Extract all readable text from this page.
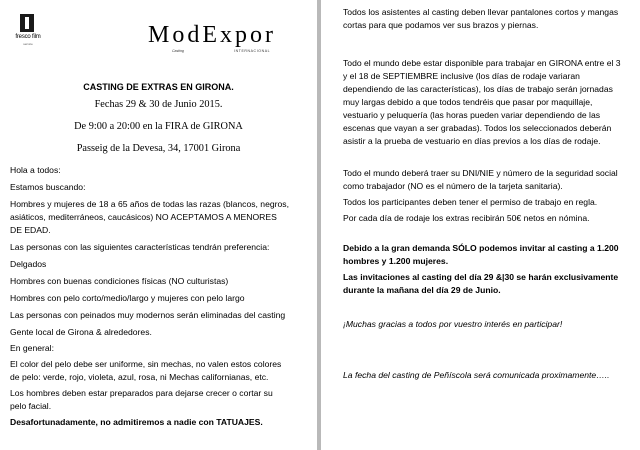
fresco film
service	ModExpor
Casting	INTERNACIONAL
CASTING DE EXTRAS EN GIRONA.
Fechas 29 & 30 de Junio 2015.
De 9:00 a 20:00 en la FIRA de GIRONA
Passeig de la Devesa, 34, 17001 Girona
Hola a todos:
Estamos buscando:
Hombres y mujeres de 18 a 65 años de todas las razas (blancos, negros,
asiáticos, mediterráneos, caucásicos) NO ACEPTAMOS A MENORES
DE EDAD.
Las personas con las siguientes características tendrán preferencia:
Delgados
Hombres con buenas condiciones físicas (NO culturistas)
Hombres con pelo corto/medio/largo y mujeres con pelo largo
Las personas con peinados muy modernos serán eliminadas del casting
Gente local de Girona & alrededores.
En general:
El color del pelo debe ser uniforme, sin mechas, no valen estos colores
de pelo: verde, rojo, violeta, azul, rosa, ni Mechas californianas, etc.
Los hombres deben estar preparados para dejarse crecer o cortar su
pelo facial.
Desafortunadamente, no admitiremos a nadie con TATUAJES.
Todos los asistentes al casting deben llevar pantalones cortos y mangas
cortas para que podamos ver sus brazos y piernas.
Todo el mundo debe estar disponible para trabajar en GIRONA entre el 3
y el 18 de SEPTIEMBRE inclusive (los días de rodaje variaran
dependiendo de las características), los días de trabajo serán jornadas
muy largas debido a que todos tendréis que pasar por maquillaje,
vestuario y peluquería (las horas pueden variar dependiendo de las
escenas que vayan a ser grabadas). Todos los seleccionados deberán
asistir a la prueba de vestuario en días previos a los días de rodaje.
Todo el mundo deberá traer su DNI/NIE y número de la seguridad social
como trabajador (NO es el número de la tarjeta sanitaria).
Todos los participantes deben tener el permiso de trabajo en regla.
Por cada día de rodaje los extras recibirán 50€ netos en nómina.
Debido a la gran demanda SÓLO podemos invitar al casting a 1.200
hombres y 1.200 mujeres.
Las invitaciones al casting del día 29 &|30 se harán exclusivamente
durante la mañana del día 29 de Junio.
¡Muchas gracias a todos por vuestro interés en participar!
La fecha del casting de Peñíscola será comunicada proximamente…..
